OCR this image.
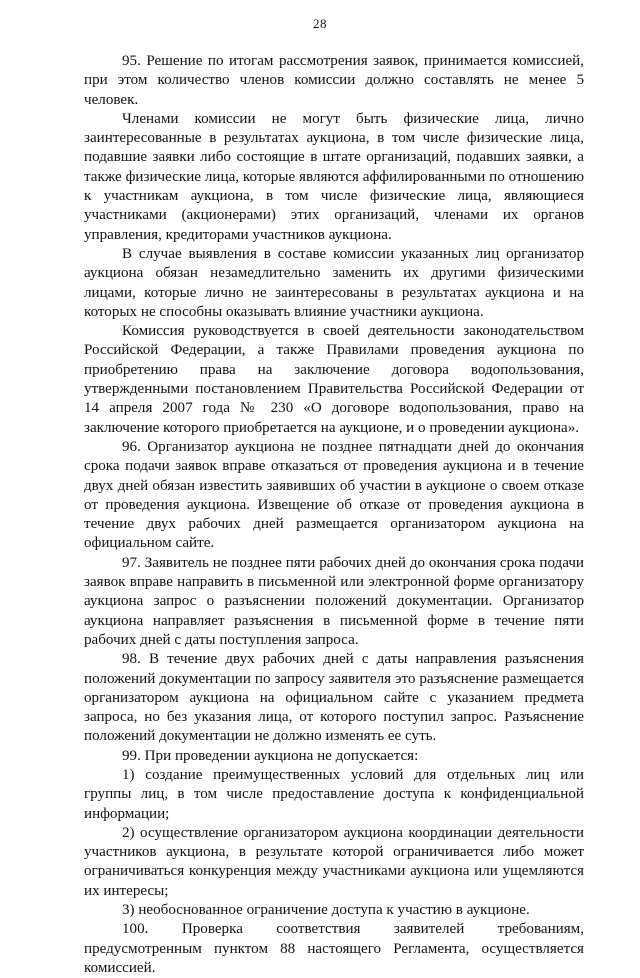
28

95. Решение по итогам рассмотрения заявок, принимается комиссией, при этом количество членов комиссии должно составлять не менее 5 человек.

Членами комиссии не могут быть физические лица, лично заинтересованные в результатах аукциона, в том числе физические лица, подавшие заявки либо состоящие в штате организаций, подавших заявки, а также физические лица, которые являются аффилированными по отношению к участникам аукциона, в том числе физические лица, являющиеся участниками (акционерами) этих организаций, членами их органов управления, кредиторами участников аукциона.

В случае выявления в составе комиссии указанных лиц организатор аукциона обязан незамедлительно заменить их другими физическими лицами, которые лично не заинтересованы в результатах аукциона и на которых не способны оказывать влияние участники аукциона.

Комиссия руководствуется в своей деятельности законодательством Российской Федерации, а также Правилами проведения аукциона по приобретению права на заключение договора водопользования, утвержденными постановлением Правительства Российской Федерации от 14 апреля 2007 года № 230 «О договоре водопользования, право на заключение которого приобретается на аукционе, и о проведении аукциона».

96. Организатор аукциона не позднее пятнадцати дней до окончания срока подачи заявок вправе отказаться от проведения аукциона и в течение двух дней обязан известить заявивших об участии в аукционе о своем отказе от проведения аукциона. Извещение об отказе от проведения аукциона в течение двух рабочих дней размещается организатором аукциона на официальном сайте.

97. Заявитель не позднее пяти рабочих дней до окончания срока подачи заявок вправе направить в письменной или электронной форме организатору аукциона запрос о разъяснении положений документации. Организатор аукциона направляет разъяснения в письменной форме в течение пяти рабочих дней с даты поступления запроса.

98. В течение двух рабочих дней с даты направления разъяснения положений документации по запросу заявителя это разъяснение размещается организатором аукциона на официальном сайте с указанием предмета запроса, но без указания лица, от которого поступил запрос. Разъяснение положений документации не должно изменять ее суть.

99. При проведении аукциона не допускается:

1) создание преимущественных условий для отдельных лиц или группы лиц, в том числе предоставление доступа к конфиденциальной информации;

2) осуществление организатором аукциона координации деятельности участников аукциона, в результате которой ограничивается либо может ограничиваться конкуренция между участниками аукциона или ущемляются их интересы;

3) необоснованное ограничение доступа к участию в аукционе.

100. Проверка соответствия заявителей требованиям, предусмотренным пунктом 88 настоящего Регламента, осуществляется комиссией.
